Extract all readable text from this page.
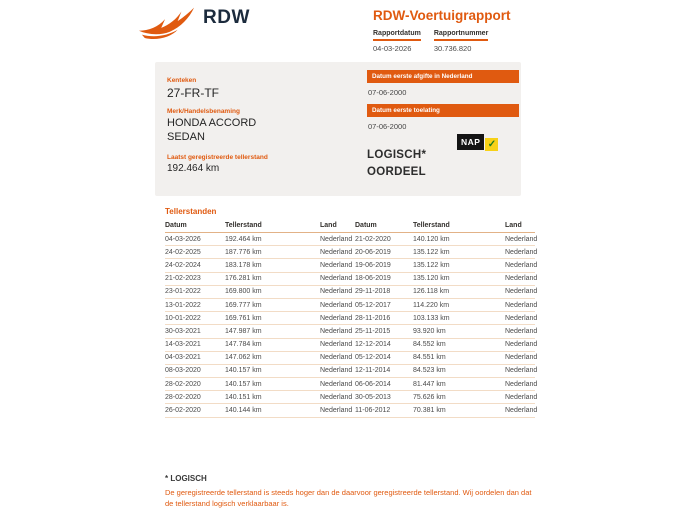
RDW	RDW-Voertuigrapport
Rapportdatum
04-03-2026
Rapportnummer
30.736.820
Kenteken
27-FR-TF
Merk/Handelsbenaming
HONDA ACCORD
SEDAN
Laatst geregistreerde tellerstand
192.464 km
Datum eerste afgifte in Nederland
07-06-2000
Datum eerste toelating
07-06-2000
LOGISCH*
OORDEEL
NAP ✓
Tellerstanden
Datum	Tellerstand	Land	Datum	Tellerstand	Land
04-03-2026	192.464 km	Nederland	21-02-2020	140.120 km	Nederland
24-02-2025	187.776 km	Nederland	20-06-2019	135.122 km	Nederland
24-02-2024	183.178 km	Nederland	19-06-2019	135.122 km	Nederland
21-02-2023	176.281 km	Nederland	18-06-2019	135.120 km	Nederland
23-01-2022	169.800 km	Nederland	29-11-2018	126.118 km	Nederland
13-01-2022	169.777 km	Nederland	05-12-2017	114.220 km	Nederland
10-01-2022	169.761 km	Nederland	28-11-2016	103.133 km	Nederland
30-03-2021	147.987 km	Nederland	25-11-2015	93.920 km	Nederland
14-03-2021	147.784 km	Nederland	12-12-2014	84.552 km	Nederland
04-03-2021	147.062 km	Nederland	05-12-2014	84.551 km	Nederland
08-03-2020	140.157 km	Nederland	12-11-2014	84.523 km	Nederland
28-02-2020	140.157 km	Nederland	06-06-2014	81.447 km	Nederland
28-02-2020	140.151 km	Nederland	30-05-2013	75.626 km	Nederland
26-02-2020	140.144 km	Nederland	11-06-2012	70.381 km	Nederland
* LOGISCH
De geregistreerde tellerstand is steeds hoger dan de daarvoor geregistreerde tellerstand. Wij oordelen dan dat de tellerstand logisch verklaarbaar is.
